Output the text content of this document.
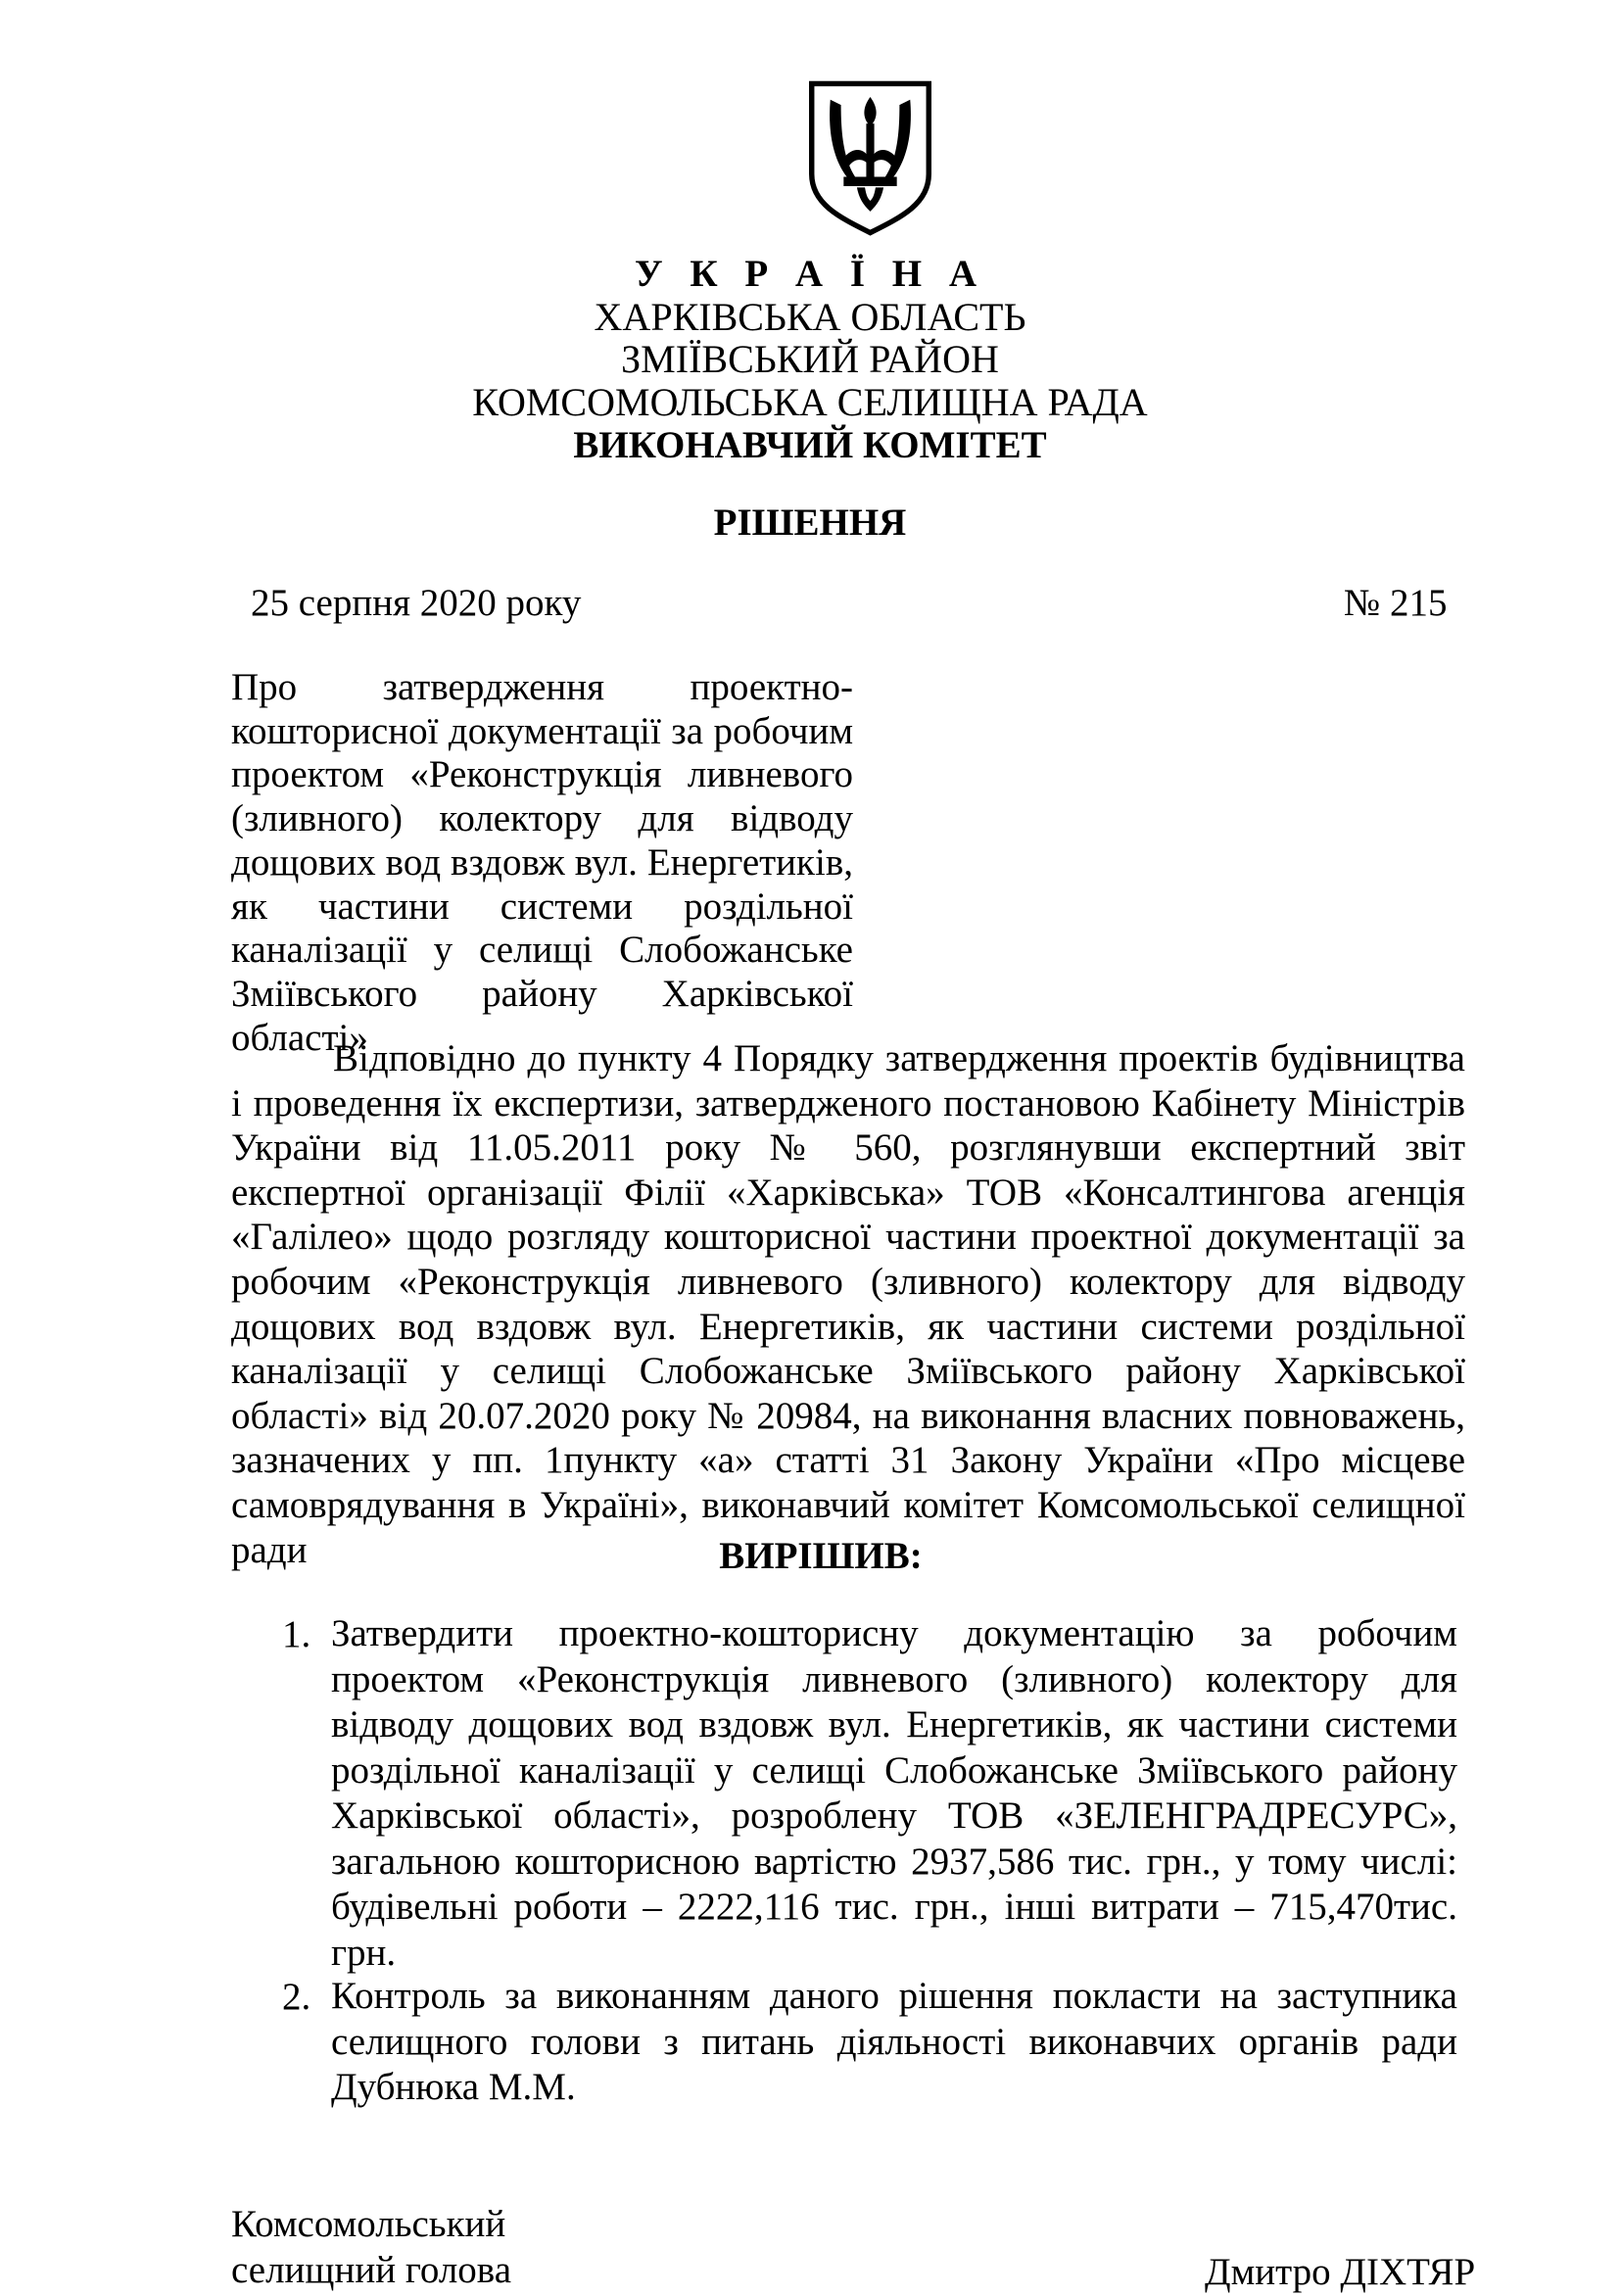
У К Р А Ї Н А
ХАРКІВСЬКА ОБЛАСТЬ
ЗМІЇВСЬКИЙ РАЙОН
КОМСОМОЛЬСЬКА СЕЛИЩНА РАДА
ВИКОНАВЧИЙ КОМІТЕТ
РІШЕННЯ
25 серпня 2020 року	№ 215
Про затвердження проектно-кошторисної документації за робочим проектом «Реконструкція ливневого (зливного) колектору для відводу дощових вод вздовж вул. Енергетиків, як частини системи роздільної каналізації у селищі Слобожанське Зміївського району Харківської області»
Відповідно до пункту 4 Порядку затвердження проектів будівництва і проведення їх експертизи, затвердженого постановою Кабінету Міністрів України від 11.05.2011 року № 560, розглянувши експертний звіт експертної організації Філії «Харківська» ТОВ «Консалтингова агенція «Галілео» щодо розгляду кошторисної частини проектної документації за робочим «Реконструкція ливневого (зливного) колектору для відводу дощових вод вздовж вул. Енергетиків, як частини системи роздільної каналізації у селищі Слобожанське Зміївського району Харківської області» від 20.07.2020 року № 20984, на виконання власних повноважень, зазначених у пп. 1пункту «а» статті 31 Закону України «Про місцеве самоврядування в Україні», виконавчий комітет Комсомольської селищної ради	ВИРІШИВ:
1. Затвердити проектно-кошторисну документацію за робочим проектом «Реконструкція ливневого (зливного) колектору для відводу дощових вод вздовж вул. Енергетиків, як частини системи роздільної каналізації у селищі Слобожанське Зміївського району Харківської області», розроблену ТОВ «ЗЕЛЕНГРАДРЕСУРС», загальною кошторисною вартістю 2937,586 тис. грн., у тому числі: будівельні роботи – 2222,116 тис. грн., інші витрати – 715,470тис. грн.
2. Контроль за виконанням даного рішення покласти на заступника селищного голови з питань діяльності виконавчих органів ради Дубнюка М.М.
Комсомольський
селищний голова	Дмитро ДІХТЯР
